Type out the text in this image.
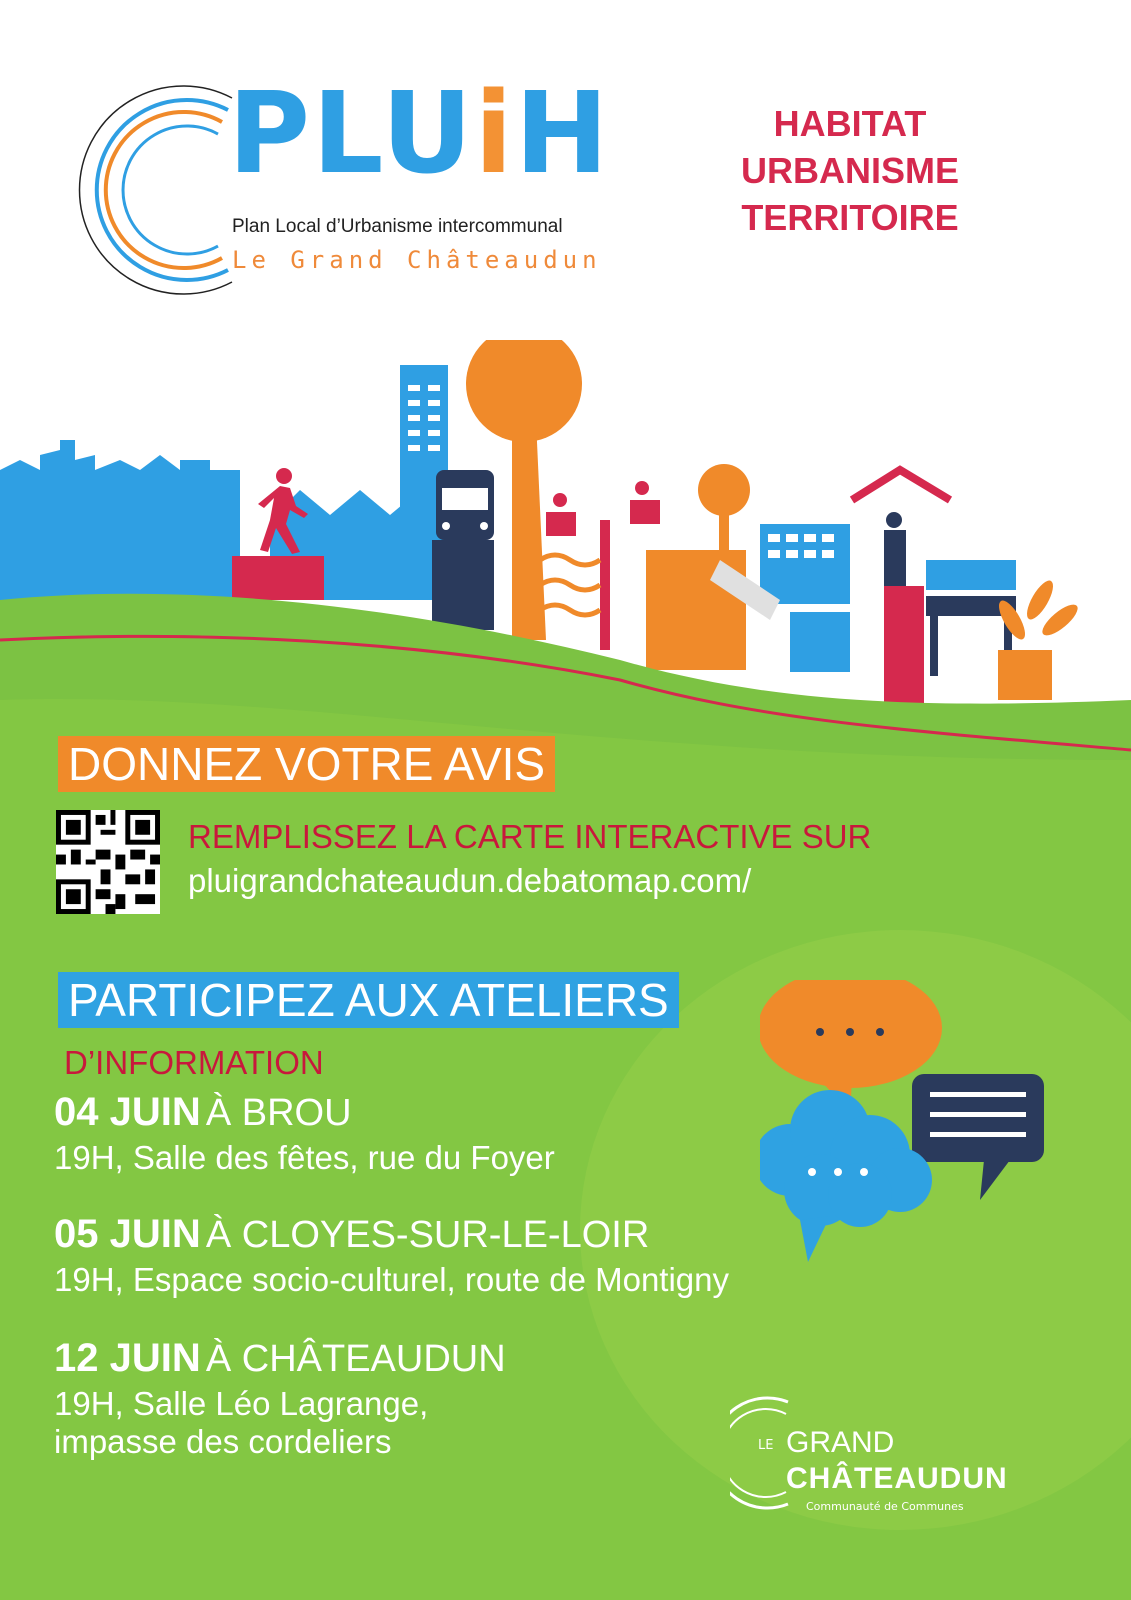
PLUiH
Plan Local d’Urbanisme intercommunal
Le Grand Châteaudun
HABITAT
URBANISME
TERRITOIRE
DONNEZ VOTRE AVIS
REMPLISSEZ LA CARTE INTERACTIVE SUR
pluigrandchateaudun.debatomap.com/
PARTICIPEZ AUX ATELIERS
D’INFORMATION
04 JUIN À BROU
19H, Salle des fêtes, rue du Foyer
05 JUIN À CLOYES-SUR-LE-LOIR
19H, Espace socio-culturel, route de Montigny
12 JUIN À CHÂTEAUDUN
19H, Salle Léo Lagrange,
impasse des cordeliers	LE GRAND
CHÂTEAUDUN
Communauté de Communes
